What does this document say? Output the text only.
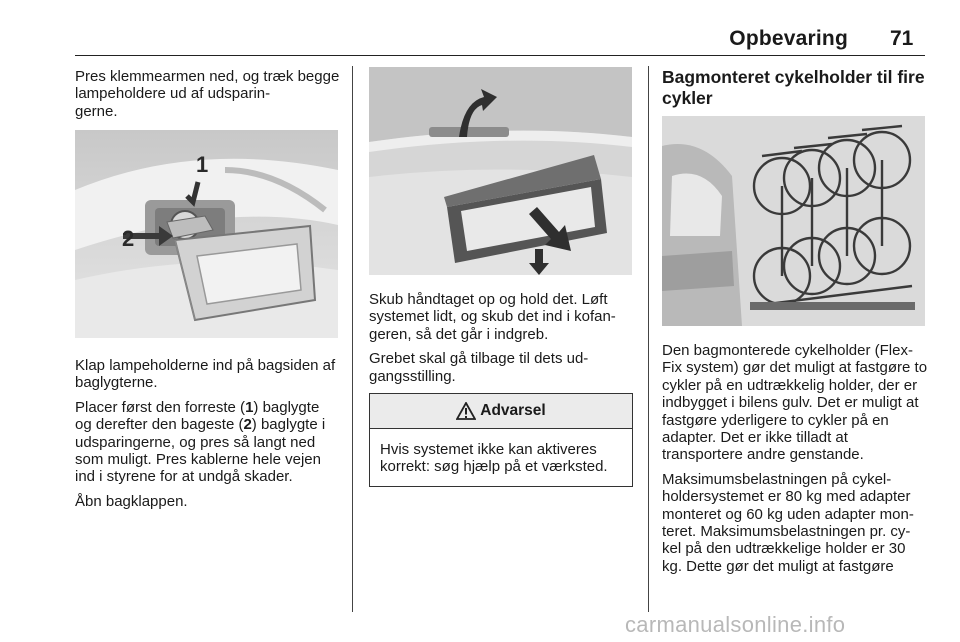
Opbevaring 71

Pres klemmearmen ned, og træk begge lampeholdere ud af udsparin-
gerne.

1
2

Klap lampeholderne ind på bagsiden af baglygterne.

Placer først den forreste (1) baglygte og derefter den bageste (2) baglygte i udsparingerne, og pres så langt ned som muligt. Pres kablerne hele vejen ind i styrene for at undgå skader.

Åbn bagklappen.

Skub håndtaget op og hold det. Løft systemet lidt, og skub det ind i kofan-
geren, så det går i indgreb.

Grebet skal gå tilbage til dets ud-
gangsstilling.

Advarsel
Hvis systemet ikke kan aktiveres korrekt: søg hjælp på et værksted.

Bagmonteret cykelholder til fire cykler

Den bagmonterede cykelholder (Flex-Fix system) gør det muligt at fastgøre to cykler på en udtrækkelig holder, der er indbygget i bilens gulv. Det er muligt at fastgøre yderligere to cykler på en adapter. Det er ikke tilladt at transportere andre genstande.

Maksimumsbelastningen på cykel-
holdersystemet er 80 kg med adapter monteret og 60 kg uden adapter mon-
teret. Maksimumsbelastningen pr. cy-
kel på den udtrækkelige holder er 30 kg. Dette gør det muligt at fastgøre

carmanualsonline.info
